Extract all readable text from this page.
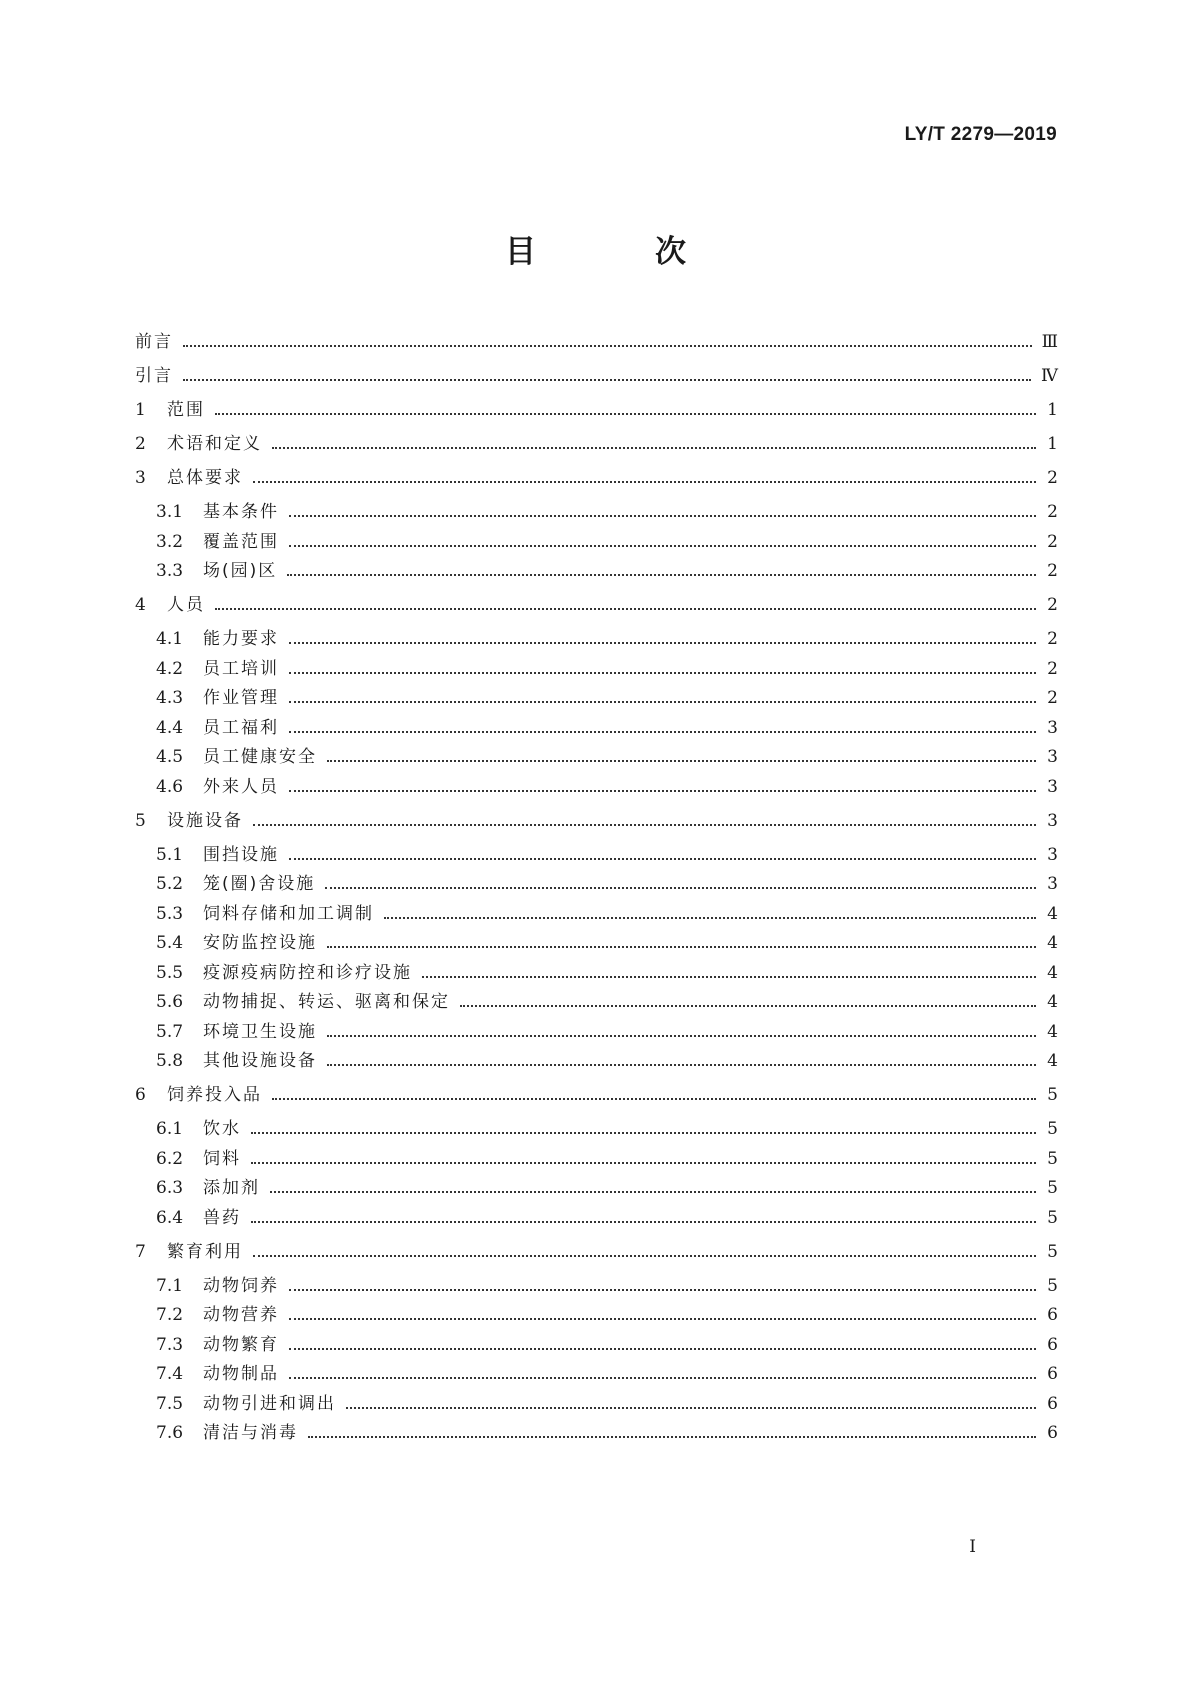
LY/T 2279—2019
目　次
前言	Ⅲ
引言	Ⅳ
1	范围	1
2	术语和定义	1
3	总体要求	2
3.1	基本条件	2
3.2	覆盖范围	2
3.3	场(园)区	2
4	人员	2
4.1	能力要求	2
4.2	员工培训	2
4.3	作业管理	2
4.4	员工福利	3
4.5	员工健康安全	3
4.6	外来人员	3
5	设施设备	3
5.1	围挡设施	3
5.2	笼(圈)舍设施	3
5.3	饲料存储和加工调制	4
5.4	安防监控设施	4
5.5	疫源疫病防控和诊疗设施	4
5.6	动物捕捉、转运、驱离和保定	4
5.7	环境卫生设施	4
5.8	其他设施设备	4
6	饲养投入品	5
6.1	饮水	5
6.2	饲料	5
6.3	添加剂	5
6.4	兽药	5
7	繁育利用	5
7.1	动物饲养	5
7.2	动物营养	6
7.3	动物繁育	6
7.4	动物制品	6
7.5	动物引进和调出	6
7.6	清洁与消毒	6
I
